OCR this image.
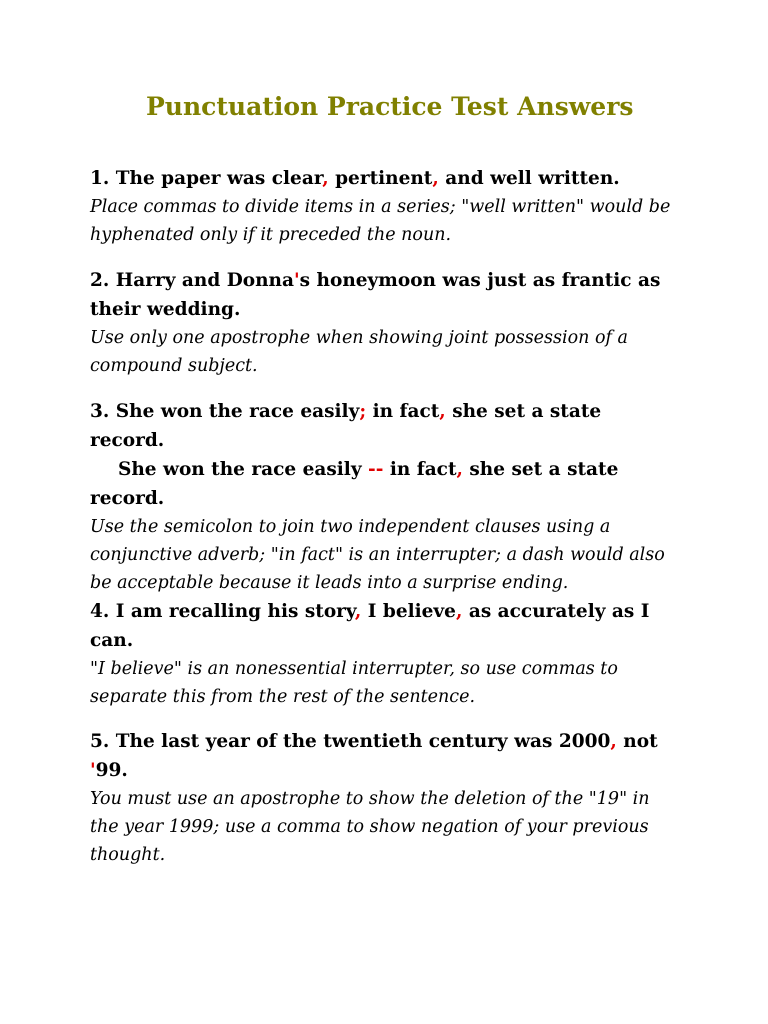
Punctuation Practice Test Answers
1. The paper was clear, pertinent, and well written.
Place commas to divide items in a series; "well written" would be hyphenated only if it preceded the noun.
2. Harry and Donna's honeymoon was just as frantic as their wedding.
Use only one apostrophe when showing joint possession of a compound subject.
3. She won the race easily; in fact, she set a state record.
She won the race easily -- in fact, she set a state record.
Use the semicolon to join two independent clauses using a conjunctive adverb; "in fact" is an interrupter; a dash would also be acceptable because it leads into a surprise ending.
4. I am recalling his story, I believe, as accurately as I can.
"I believe" is an nonessential interrupter, so use commas to separate this from the rest of the sentence.
5. The last year of the twentieth century was 2000, not '99.
You must use an apostrophe to show the deletion of the "19" in the year 1999; use a comma to show negation of your previous thought.
